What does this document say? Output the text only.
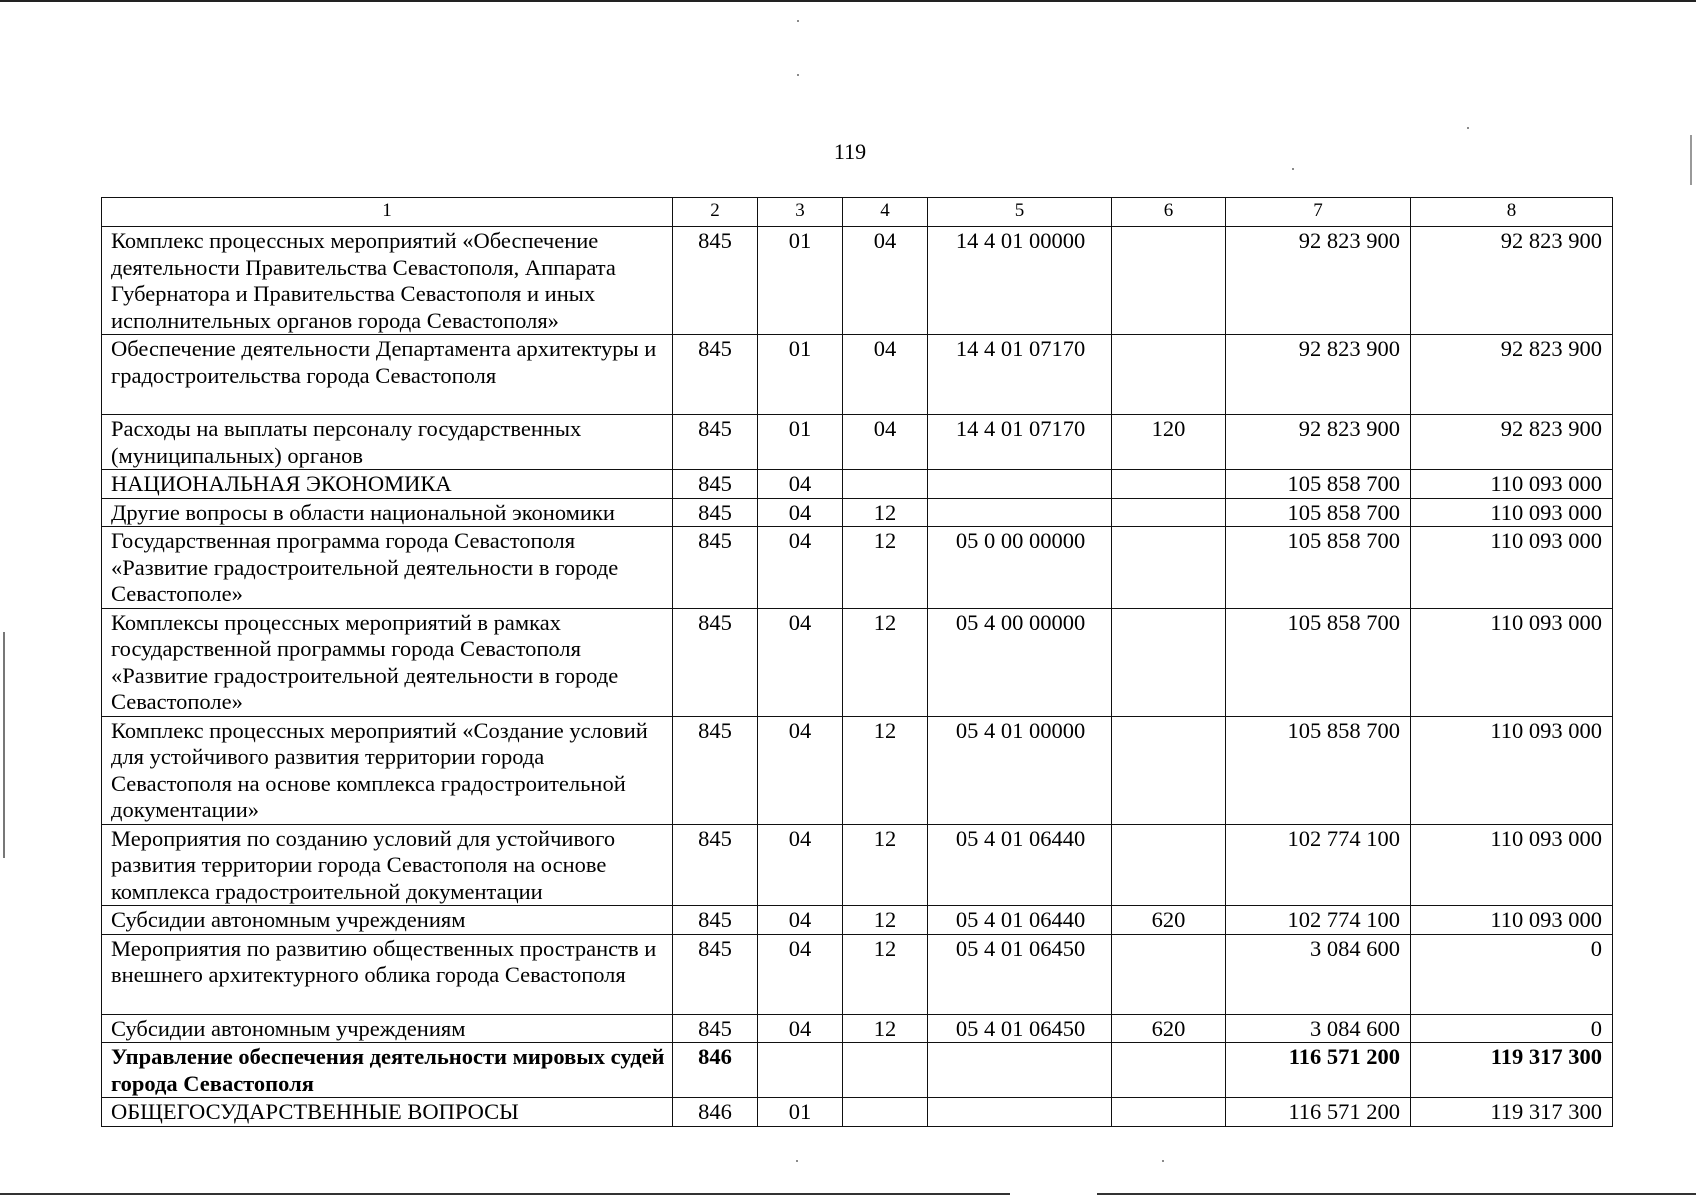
119
1	2	3	4	5	6	7	8
Комплекс процессных мероприятий «Обеспечение деятельности Правительства Севастополя, Аппарата Губернатора и Правительства Севастополя и иных исполнительных органов города Севастополя»	845	01	04	14 4 01 00000		92 823 900	92 823 900
Обеспечение деятельности Департамента архитектуры и градостроительства города Севастополя	845	01	04	14 4 01 07170		92 823 900	92 823 900
Расходы на выплаты персоналу государственных (муниципальных) органов	845	01	04	14 4 01 07170	120	92 823 900	92 823 900
НАЦИОНАЛЬНАЯ ЭКОНОМИКА	845	04				105 858 700	110 093 000
Другие вопросы в области национальной экономики	845	04	12			105 858 700	110 093 000
Государственная программа города Севастополя «Развитие градостроительной деятельности в городе Севастополе»	845	04	12	05 0 00 00000		105 858 700	110 093 000
Комплексы процессных мероприятий в рамках государственной программы города Севастополя «Развитие градостроительной деятельности в городе Севастополе»	845	04	12	05 4 00 00000		105 858 700	110 093 000
Комплекс процессных мероприятий «Создание условий для устойчивого развития территории города Севастополя на основе комплекса градостроительной документации»	845	04	12	05 4 01 00000		105 858 700	110 093 000
Мероприятия по созданию условий для устойчивого развития территории города Севастополя на основе комплекса градостроительной документации	845	04	12	05 4 01 06440		102 774 100	110 093 000
Субсидии автономным учреждениям	845	04	12	05 4 01 06440	620	102 774 100	110 093 000
Мероприятия по развитию общественных пространств и внешнего архитектурного облика города Севастополя	845	04	12	05 4 01 06450		3 084 600	0
Субсидии автономным учреждениям	845	04	12	05 4 01 06450	620	3 084 600	0
Управление обеспечения деятельности мировых судей города Севастополя	846					116 571 200	119 317 300
ОБЩЕГОСУДАРСТВЕННЫЕ ВОПРОСЫ	846	01				116 571 200	119 317 300
